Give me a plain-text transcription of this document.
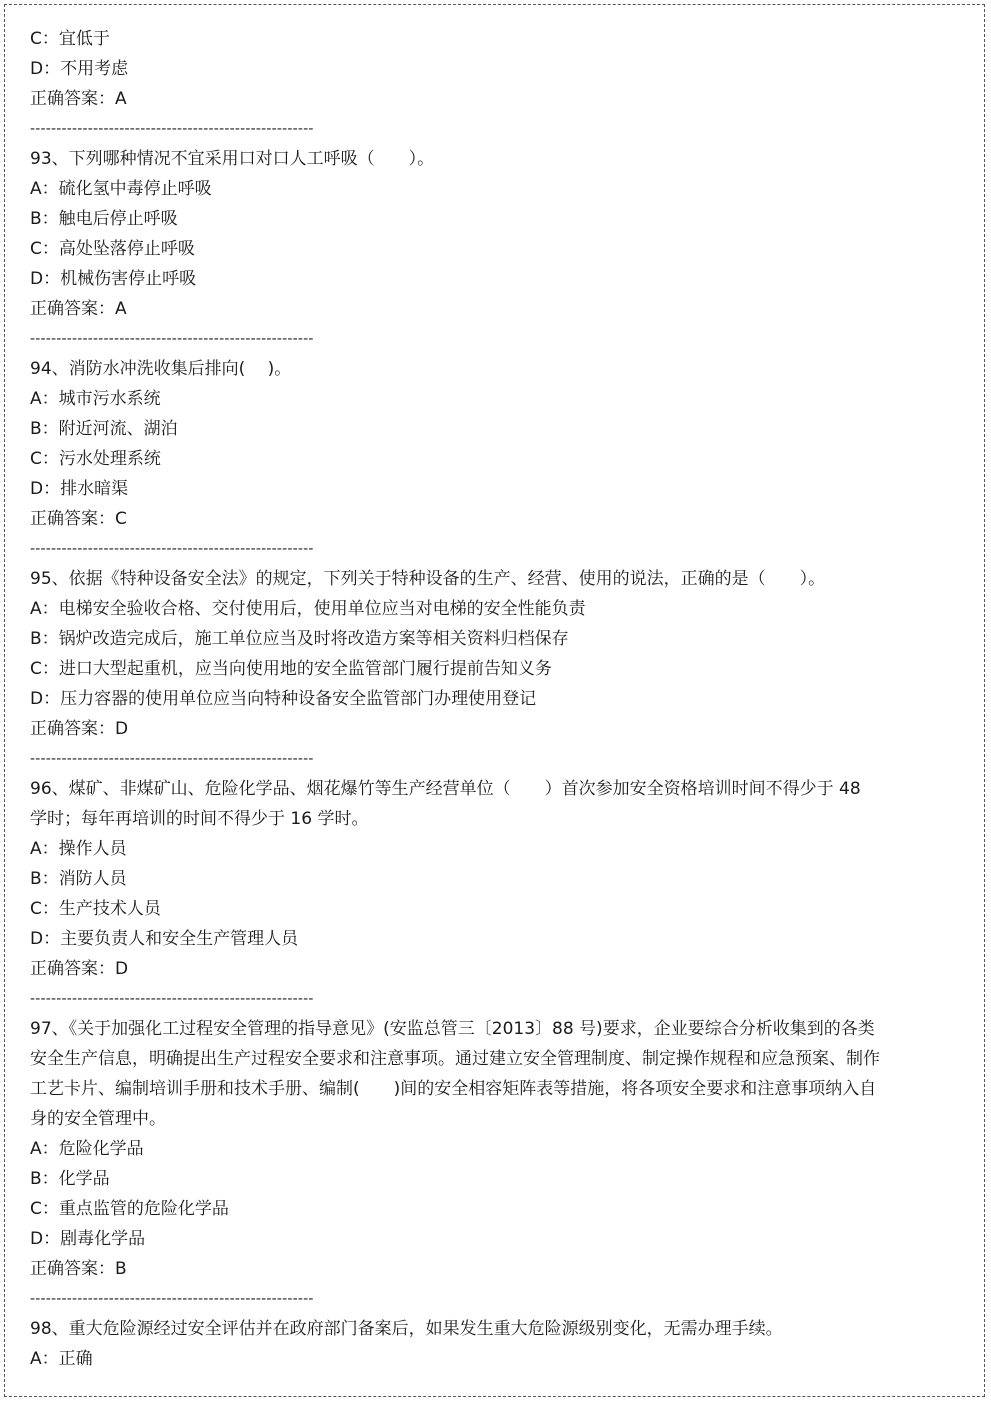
C：宜低于
D：不用考虑
正确答案：A
------------------------------------------------------
93、下列哪种情况不宜采用口对口人工呼吸（　　）。
A：硫化氢中毒停止呼吸
B：触电后停止呼吸
C：高处坠落停止呼吸
D：机械伤害停止呼吸
正确答案：A
------------------------------------------------------
94、消防水冲洗收集后排向(　 )。
A：城市污水系统
B：附近河流、湖泊
C：污水处理系统
D：排水暗渠
正确答案：C
------------------------------------------------------
95、依据《特种设备安全法》的规定，下列关于特种设备的生产、经营、使用的说法，正确的是（　　）。
A：电梯安全验收合格、交付使用后，使用单位应当对电梯的安全性能负责
B：锅炉改造完成后，施工单位应当及时将改造方案等相关资料归档保存
C：进口大型起重机，应当向使用地的安全监管部门履行提前告知义务
D：压力容器的使用单位应当向特种设备安全监管部门办理使用登记
正确答案：D
------------------------------------------------------
96、煤矿、非煤矿山、危险化学品、烟花爆竹等生产经营单位（　　）首次参加安全资格培训时间不得少于 48 学时；每年再培训的时间不得少于 16 学时。
A：操作人员
B：消防人员
C：生产技术人员
D：主要负责人和安全生产管理人员
正确答案：D
------------------------------------------------------
97、《关于加强化工过程安全管理的指导意见》(安监总管三〔2013〕88 号)要求，企业要综合分析收集到的各类安全生产信息，明确提出生产过程安全要求和注意事项。通过建立安全管理制度、制定操作规程和应急预案、制作工艺卡片、编制培训手册和技术手册、编制(　　)间的安全相容矩阵表等措施，将各项安全要求和注意事项纳入自身的安全管理中。
A：危险化学品
B：化学品
C：重点监管的危险化学品
D：剧毒化学品
正确答案：B
------------------------------------------------------
98、重大危险源经过安全评估并在政府部门备案后，如果发生重大危险源级别变化，无需办理手续。
A：正确
